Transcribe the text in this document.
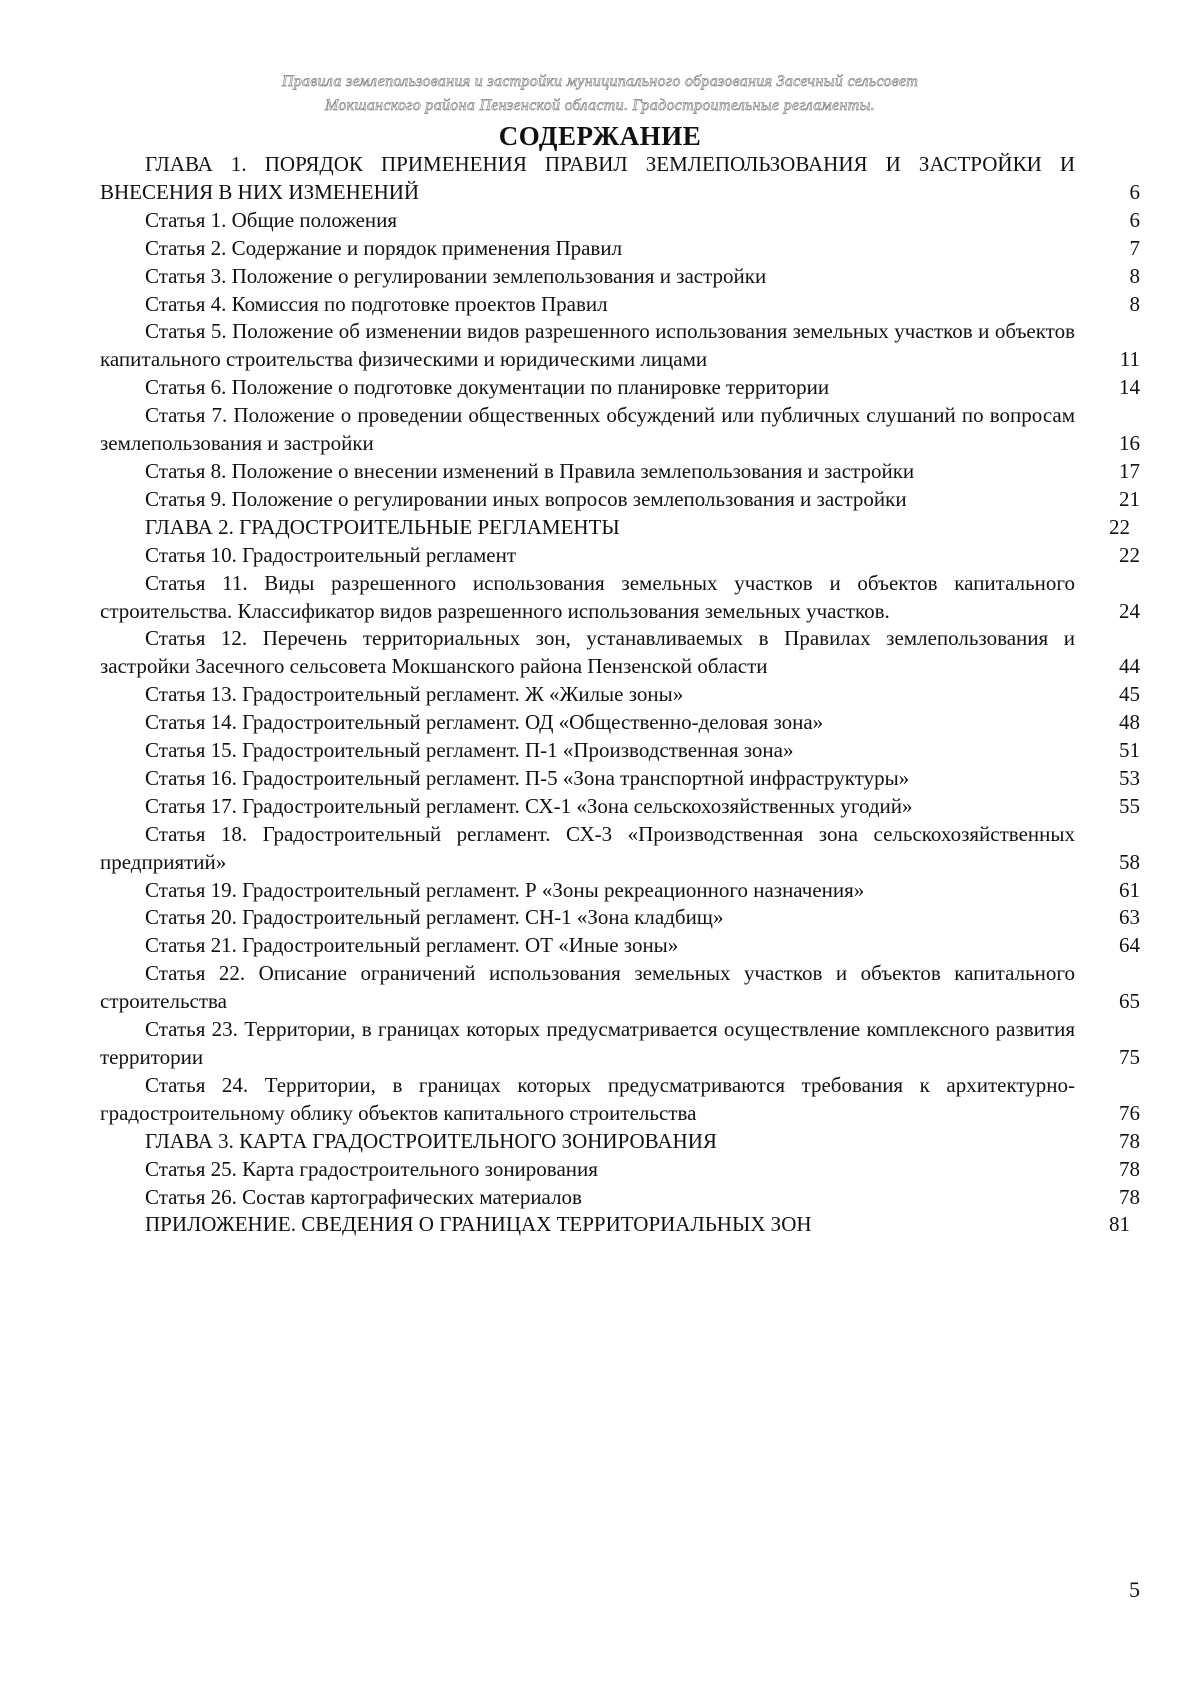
Правила землепользования и застройки муниципального образования Засечный сельсовет
Мокшанского района Пензенской области. Градостроительные регламенты.
СОДЕРЖАНИЕ
ГЛАВА 1. ПОРЯДОК ПРИМЕНЕНИЯ ПРАВИЛ ЗЕМЛЕПОЛЬЗОВАНИЯ И ЗАСТРОЙКИ И ВНЕСЕНИЯ В НИХ ИЗМЕНЕНИЙ	6
Статья 1. Общие положения	6
Статья 2. Содержание и порядок применения Правил	7
Статья 3. Положение о регулировании землепользования и застройки	8
Статья 4. Комиссия по подготовке проектов Правил	8
Статья 5. Положение об изменении видов разрешенного использования земельных участков и объектов капитального строительства физическими и юридическими лицами	11
Статья 6. Положение о подготовке документации по планировке территории	14
Статья 7. Положение о проведении общественных обсуждений или публичных слушаний по вопросам землепользования и застройки	16
Статья 8. Положение о внесении изменений в Правила землепользования и застройки	17
Статья 9. Положение о регулировании иных вопросов землепользования и застройки	21
ГЛАВА 2. ГРАДОСТРОИТЕЛЬНЫЕ РЕГЛАМЕНТЫ	22
Статья 10. Градостроительный регламент	22
Статья 11. Виды разрешенного использования земельных участков и объектов капитального строительства. Классификатор видов разрешенного использования земельных участков.	24
Статья 12. Перечень территориальных зон, устанавливаемых в Правилах землепользования и застройки Засечного сельсовета Мокшанского района Пензенской области	44
Статья 13. Градостроительный регламент. Ж «Жилые зоны»	45
Статья 14. Градостроительный регламент. ОД «Общественно-деловая зона»	48
Статья 15. Градостроительный регламент. П-1 «Производственная зона»	51
Статья 16. Градостроительный регламент. П-5 «Зона транспортной инфраструктуры»	53
Статья 17. Градостроительный регламент. СХ-1 «Зона сельскохозяйственных угодий»	55
Статья 18. Градостроительный регламент. СХ-3 «Производственная зона сельскохозяйственных предприятий»	58
Статья 19. Градостроительный регламент. Р «Зоны рекреационного назначения»	61
Статья 20. Градостроительный регламент. СН-1 «Зона кладбищ»	63
Статья 21. Градостроительный регламент. ОТ «Иные зоны»	64
Статья 22. Описание ограничений использования земельных участков и объектов капитального строительства	65
Статья 23. Территории, в границах которых предусматривается осуществление комплексного развития территории	75
Статья 24. Территории, в границах которых предусматриваются требования к архитектурно-градостроительному облику объектов капитального строительства	76
ГЛАВА 3. КАРТА ГРАДОСТРОИТЕЛЬНОГО ЗОНИРОВАНИЯ	78
Статья 25. Карта градостроительного зонирования	78
Статья 26. Состав картографических материалов	78
ПРИЛОЖЕНИЕ. СВЕДЕНИЯ О ГРАНИЦАХ ТЕРРИТОРИАЛЬНЫХ ЗОН	81
5
